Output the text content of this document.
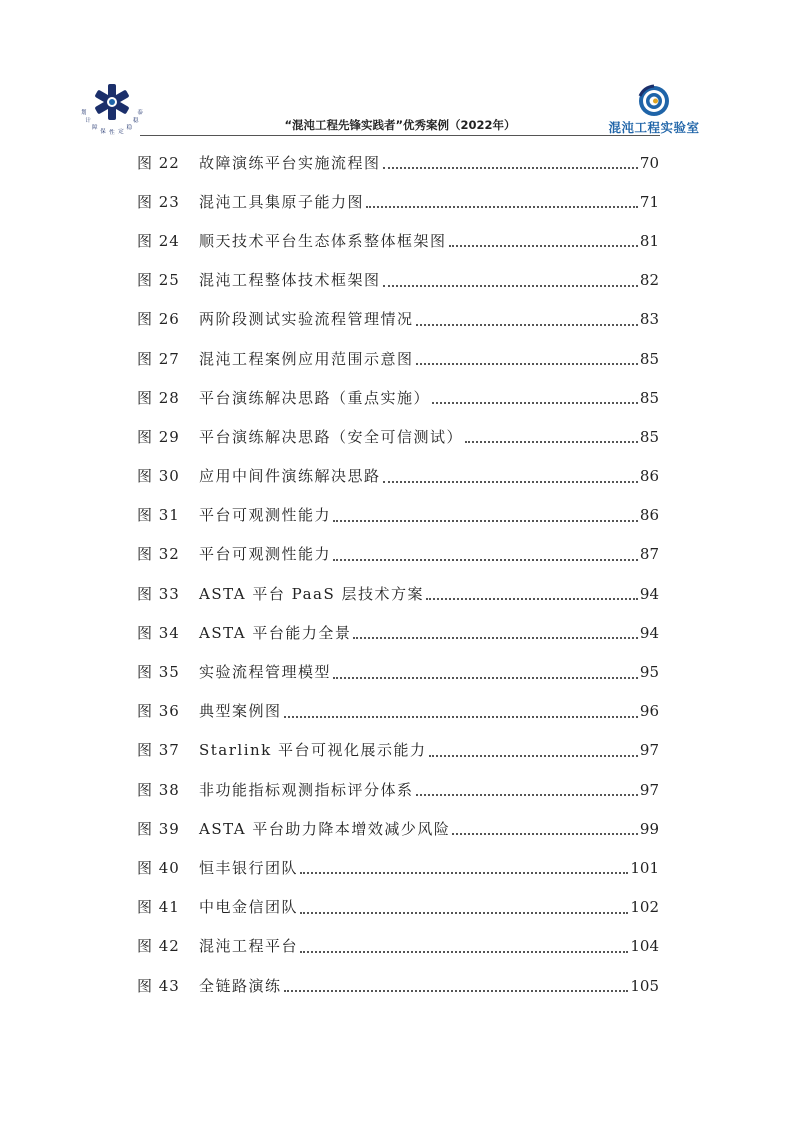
泰
稳
稳
定
性
保
障
计
划
“混沌工程先锋实践者”优秀案例（2022年）	混沌工程实验室
图 22	故障演练平台实施流程图	70
图 23	混沌工具集原子能力图	71
图 24	顺天技术平台生态体系整体框架图	81
图 25	混沌工程整体技术框架图	82
图 26	两阶段测试实验流程管理情况	83
图 27	混沌工程案例应用范围示意图	85
图 28	平台演练解决思路（重点实施）	85
图 29	平台演练解决思路（安全可信测试）	85
图 30	应用中间件演练解决思路	86
图 31	平台可观测性能力	86
图 32	平台可观测性能力	87
图 33	ASTA 平台 PaaS 层技术方案	94
图 34	ASTA 平台能力全景	94
图 35	实验流程管理模型	95
图 36	典型案例图	96
图 37	Starlink 平台可视化展示能力	97
图 38	非功能指标观测指标评分体系	97
图 39	ASTA 平台助力降本增效减少风险	99
图 40	恒丰银行团队	101
图 41	中电金信团队	102
图 42	混沌工程平台	104
图 43	全链路演练	105
